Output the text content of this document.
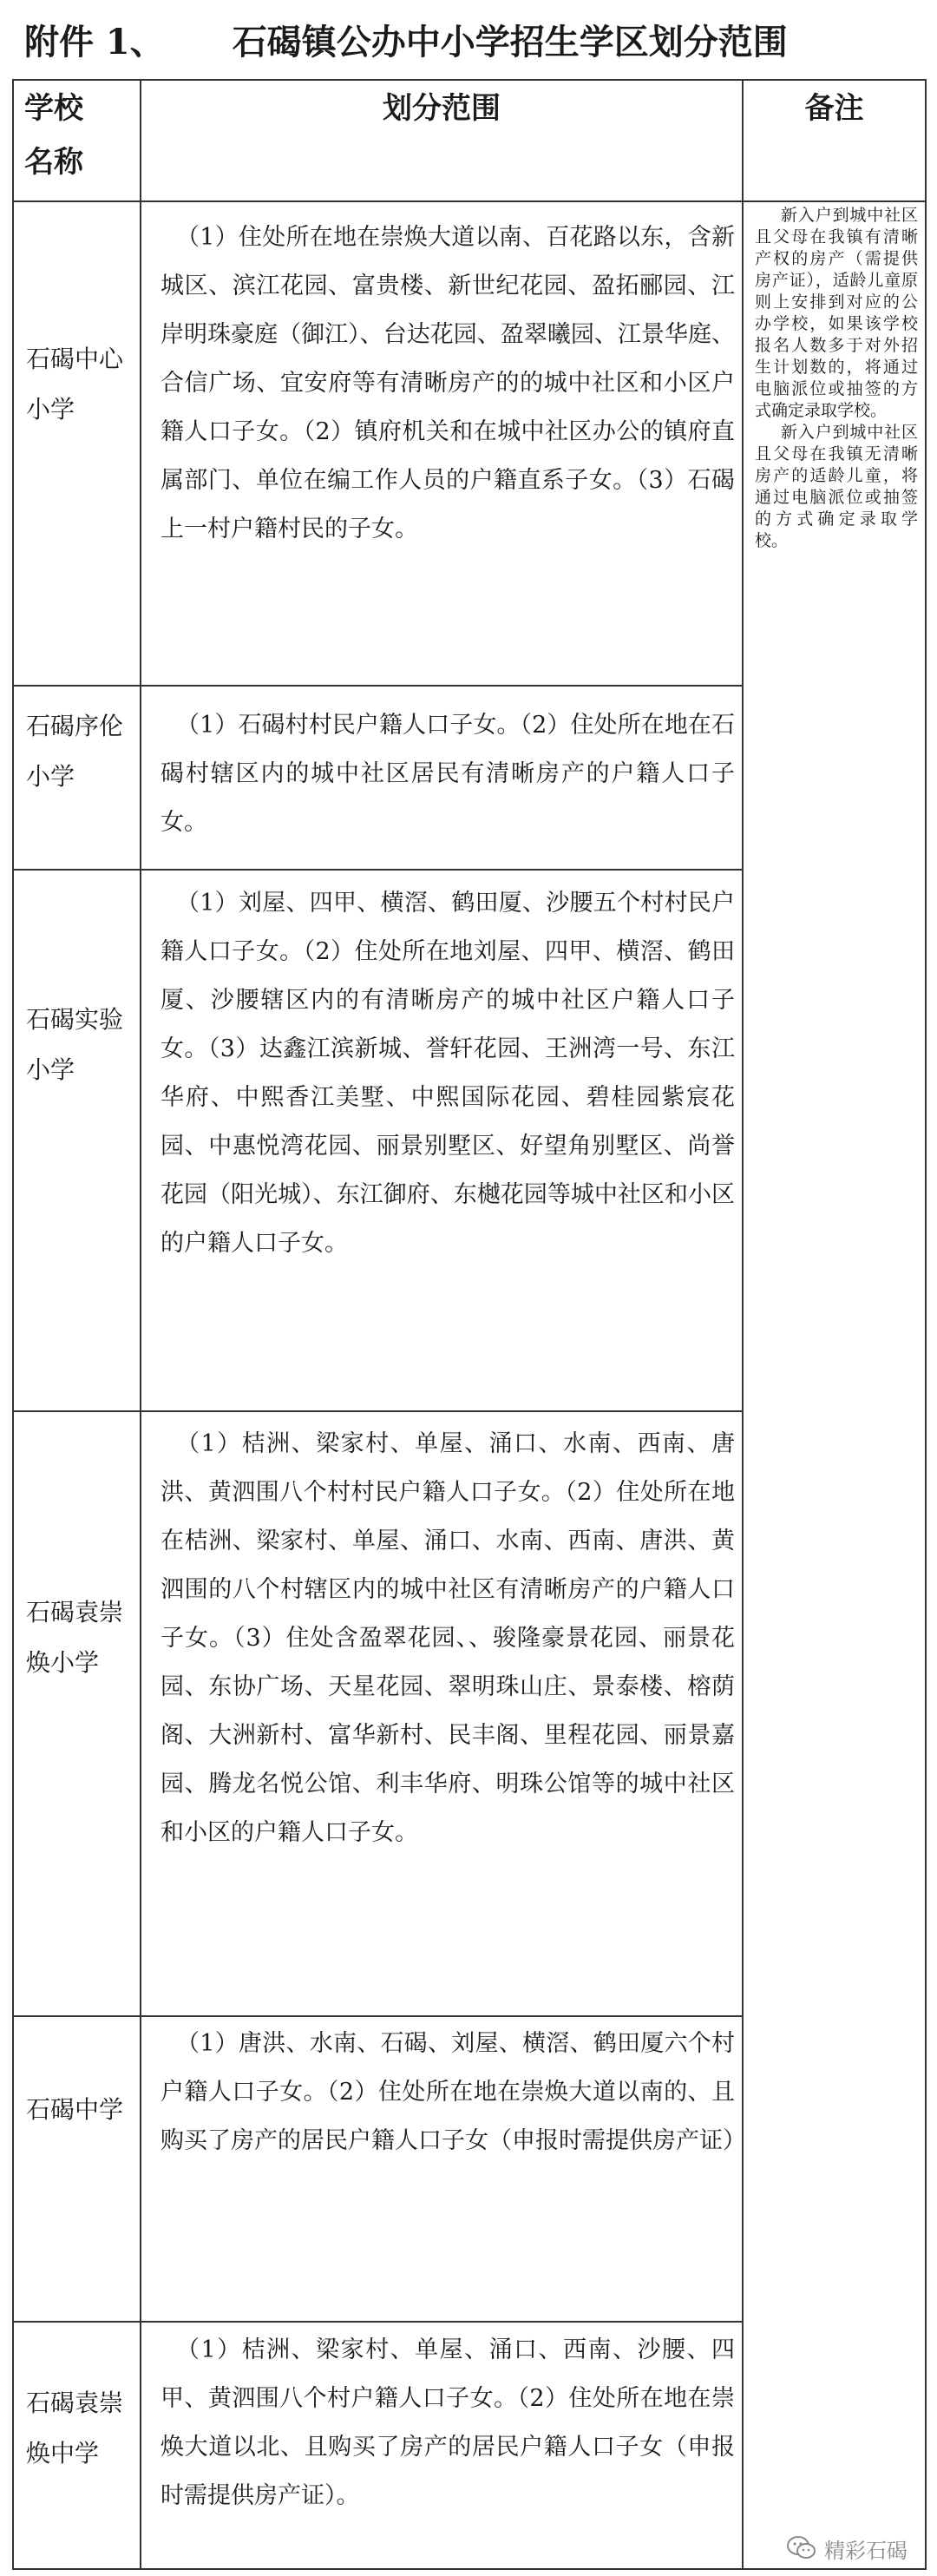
附件 1、 石碣镇公办中小学招生学区划分范围
学校
名称
划分范围	备注
石碣中心小学
（1）住处所在地在崇焕大道以南、百花路以东，含新城区、滨江花园、富贵楼、新世纪花园、盈拓郦园、江岸明珠豪庭（御江）、台达花园、盈翠曦园、江景华庭、合信广场、宜安府等有清晰房产的的城中社区和小区户籍人口子女。（2）镇府机关和在城中社区办公的镇府直属部门、单位在编工作人员的户籍直系子女。（3）石碣上一村户籍村民的子女。
石碣序伦小学
（1）石碣村村民户籍人口子女。（2）住处所在地在石碣村辖区内的城中社区居民有清晰房产的户籍人口子女。
石碣实验小学
（1）刘屋、四甲、横滘、鹤田厦、沙腰五个村村民户籍人口子女。（2）住处所在地刘屋、四甲、横滘、鹤田厦、沙腰辖区内的有清晰房产的城中社区户籍人口子女。（3）达鑫江滨新城、誉轩花园、王洲湾一号、东江华府、中熙香江美墅、中熙国际花园、碧桂园紫宸花园、中惠悦湾花园、丽景别墅区、好望角别墅区、尚誉花园（阳光城）、东江御府、东樾花园等城中社区和小区的户籍人口子女。
石碣袁崇焕小学
（1）桔洲、梁家村、单屋、涌口、水南、西南、唐洪、黄泗围八个村村民户籍人口子女。（2）住处所在地在桔洲、梁家村、单屋、涌口、水南、西南、唐洪、黄泗围的八个村辖区内的城中社区有清晰房产的户籍人口子女。（3）住处含盈翠花园、、骏隆豪景花园、丽景花园、东协广场、天星花园、翠明珠山庄、景泰楼、榕荫阁、大洲新村、富华新村、民丰阁、里程花园、丽景嘉园、腾龙名悦公馆、利丰华府、明珠公馆等的城中社区和小区的户籍人口子女。
石碣中学
（1）唐洪、水南、石碣、刘屋、横滘、鹤田厦六个村户籍人口子女。（2）住处所在地在崇焕大道以南的、且购买了房产的居民户籍人口子女（申报时需提供房产证）
石碣袁崇焕中学
（1）桔洲、梁家村、单屋、涌口、西南、沙腰、四甲、黄泗围八个村户籍人口子女。（2）住处所在地在崇焕大道以北、且购买了房产的居民户籍人口子女（申报时需提供房产证）。

新入户到城中社区且父母在我镇有清晰产权的房产（需提供房产证），适龄儿童原则上安排到对应的公办学校，如果该学校报名人数多于对外招生计划数的，将通过电脑派位或抽签的方式确定录取学校。

新入户到城中社区且父母在我镇无清晰房产的适龄儿童，将通过电脑派位或抽签的方式确定录取学校。

精彩石碣
